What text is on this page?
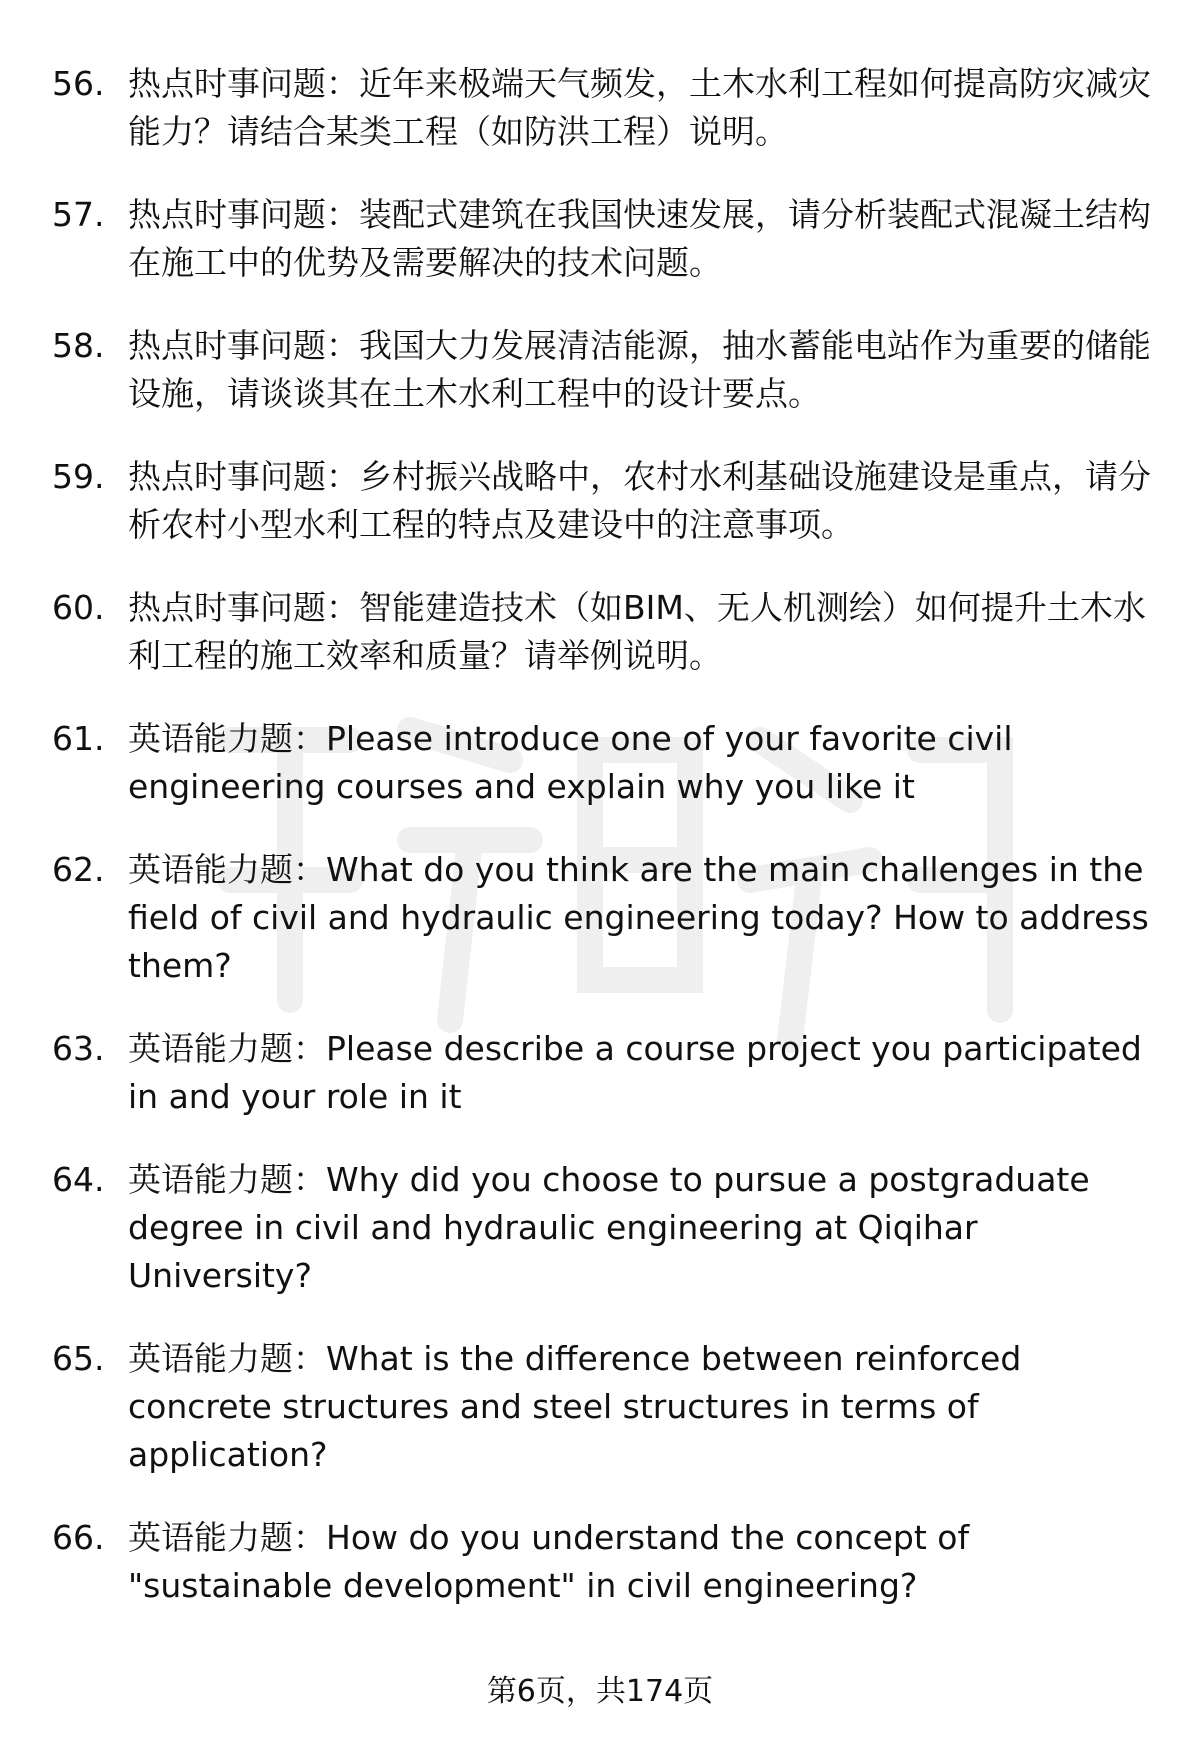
56. 热点时事问题：近年来极端天气频发，土木水利工程如何提高防灾减灾能力？请结合某类工程（如防洪工程）说明。
57. 热点时事问题：装配式建筑在我国快速发展，请分析装配式混凝土结构在施工中的优势及需要解决的技术问题。
58. 热点时事问题：我国大力发展清洁能源，抽水蓄能电站作为重要的储能设施，请谈谈其在土木水利工程中的设计要点。
59. 热点时事问题：乡村振兴战略中，农村水利基础设施建设是重点，请分析农村小型水利工程的特点及建设中的注意事项。
60. 热点时事问题：智能建造技术（如BIM、无人机测绘）如何提升土木水利工程的施工效率和质量？请举例说明。
61. 英语能力题：Please introduce one of your favorite civil engineering courses and explain why you like it
62. 英语能力题：What do you think are the main challenges in the field of civil and hydraulic engineering today? How to address them?
63. 英语能力题：Please describe a course project you participated in and your role in it
64. 英语能力题：Why did you choose to pursue a postgraduate degree in civil and hydraulic engineering at Qiqihar University?
65. 英语能力题：What is the difference between reinforced concrete structures and steel structures in terms of application?
66. 英语能力题：How do you understand the concept of "sustainable development" in civil engineering?
第6页，共174页
